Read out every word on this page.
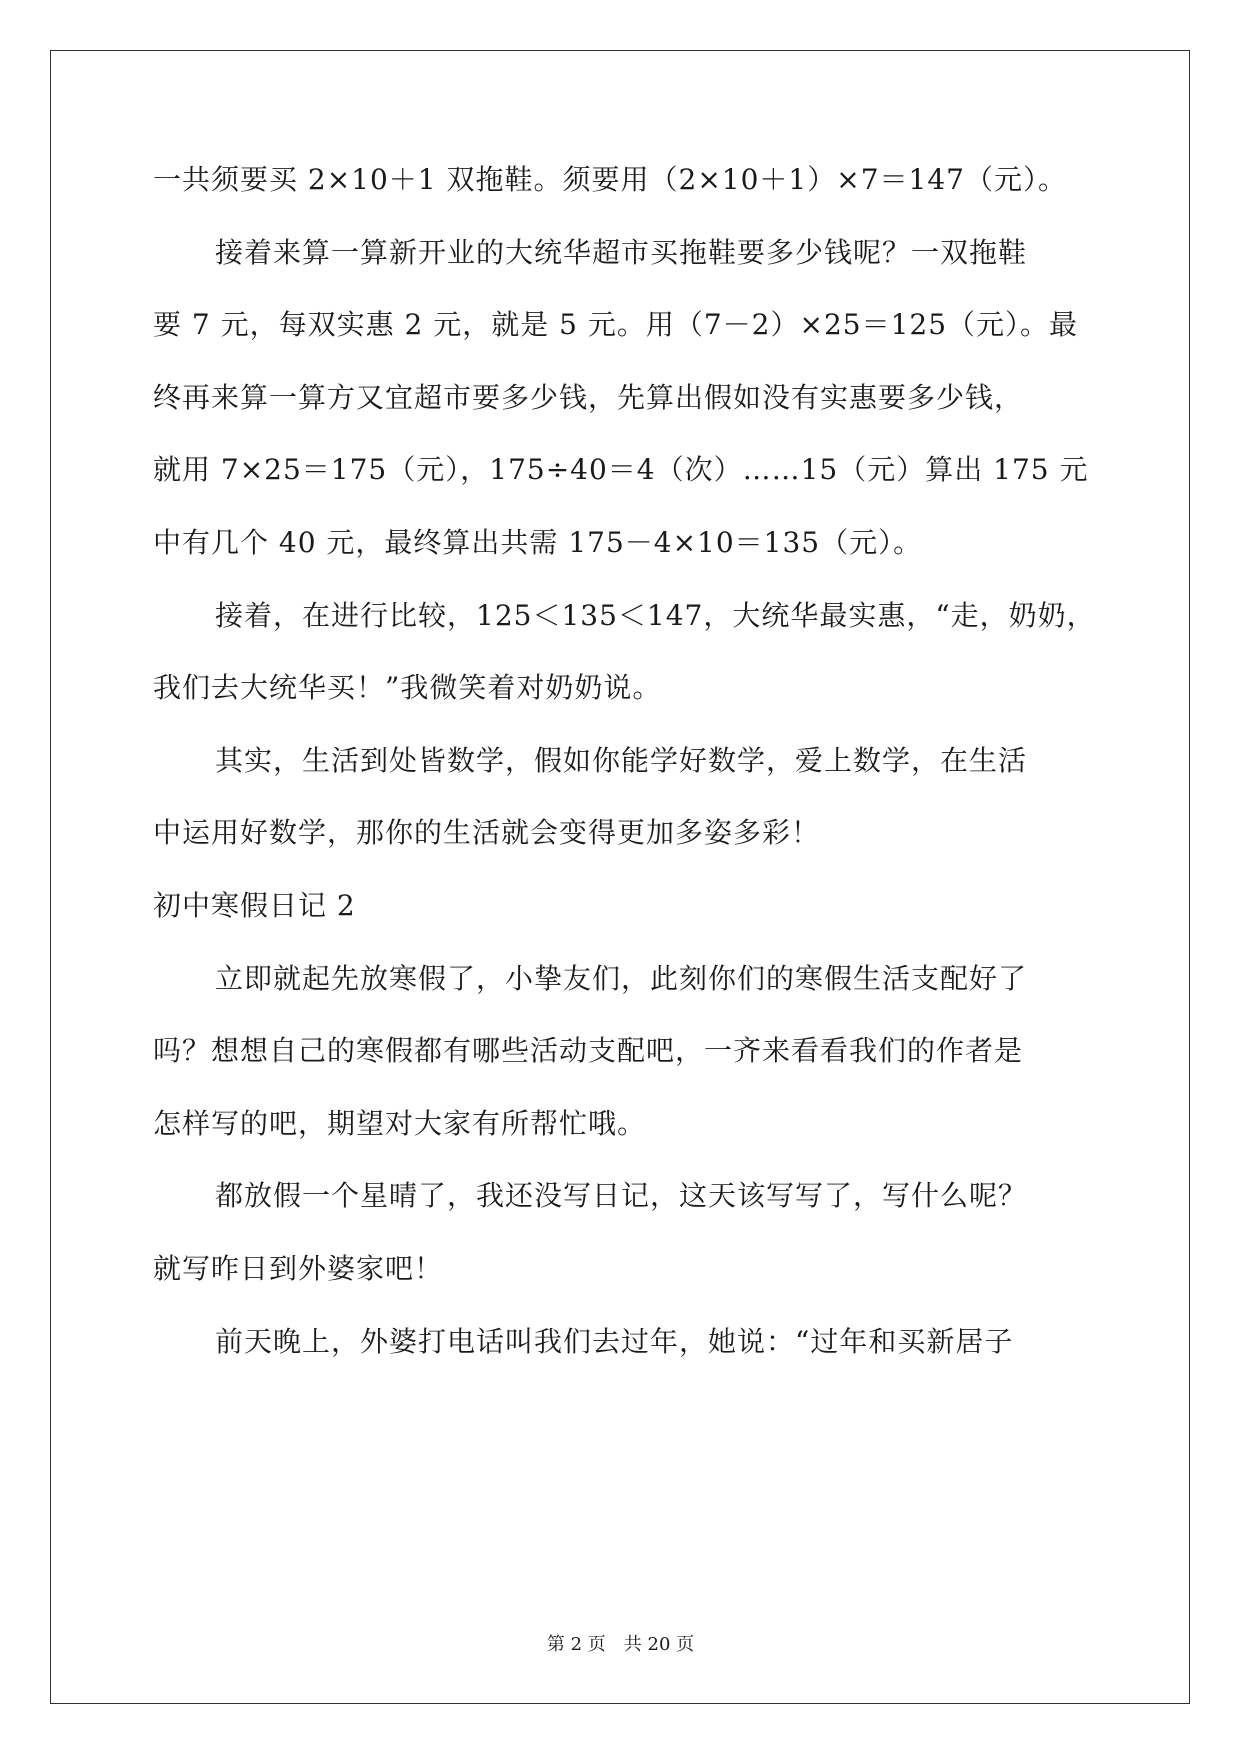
一共须要买 2×10＋1 双拖鞋。须要用（2×10＋1）×7＝147（元）。
接着来算一算新开业的大统华超市买拖鞋要多少钱呢？一双拖鞋
要 7 元，每双实惠 2 元，就是 5 元。用（7－2）×25＝125（元）。最
终再来算一算方又宜超市要多少钱，先算出假如没有实惠要多少钱，
就用 7×25＝175（元），175÷40＝4（次）……15（元）算出 175 元
中有几个 40 元，最终算出共需 175－4×10＝135（元）。
接着，在进行比较，125＜135＜147，大统华最实惠，“走，奶奶，
我们去大统华买！”我微笑着对奶奶说。
其实，生活到处皆数学，假如你能学好数学，爱上数学，在生活
中运用好数学，那你的生活就会变得更加多姿多彩！
初中寒假日记 2
立即就起先放寒假了，小挚友们，此刻你们的寒假生活支配好了
吗？想想自己的寒假都有哪些活动支配吧，一齐来看看我们的作者是
怎样写的吧，期望对大家有所帮忙哦。
都放假一个星晴了，我还没写日记，这天该写写了，写什么呢？
就写昨日到外婆家吧！
前天晚上，外婆打电话叫我们去过年，她说：“过年和买新居子
第 2 页 共 20 页
